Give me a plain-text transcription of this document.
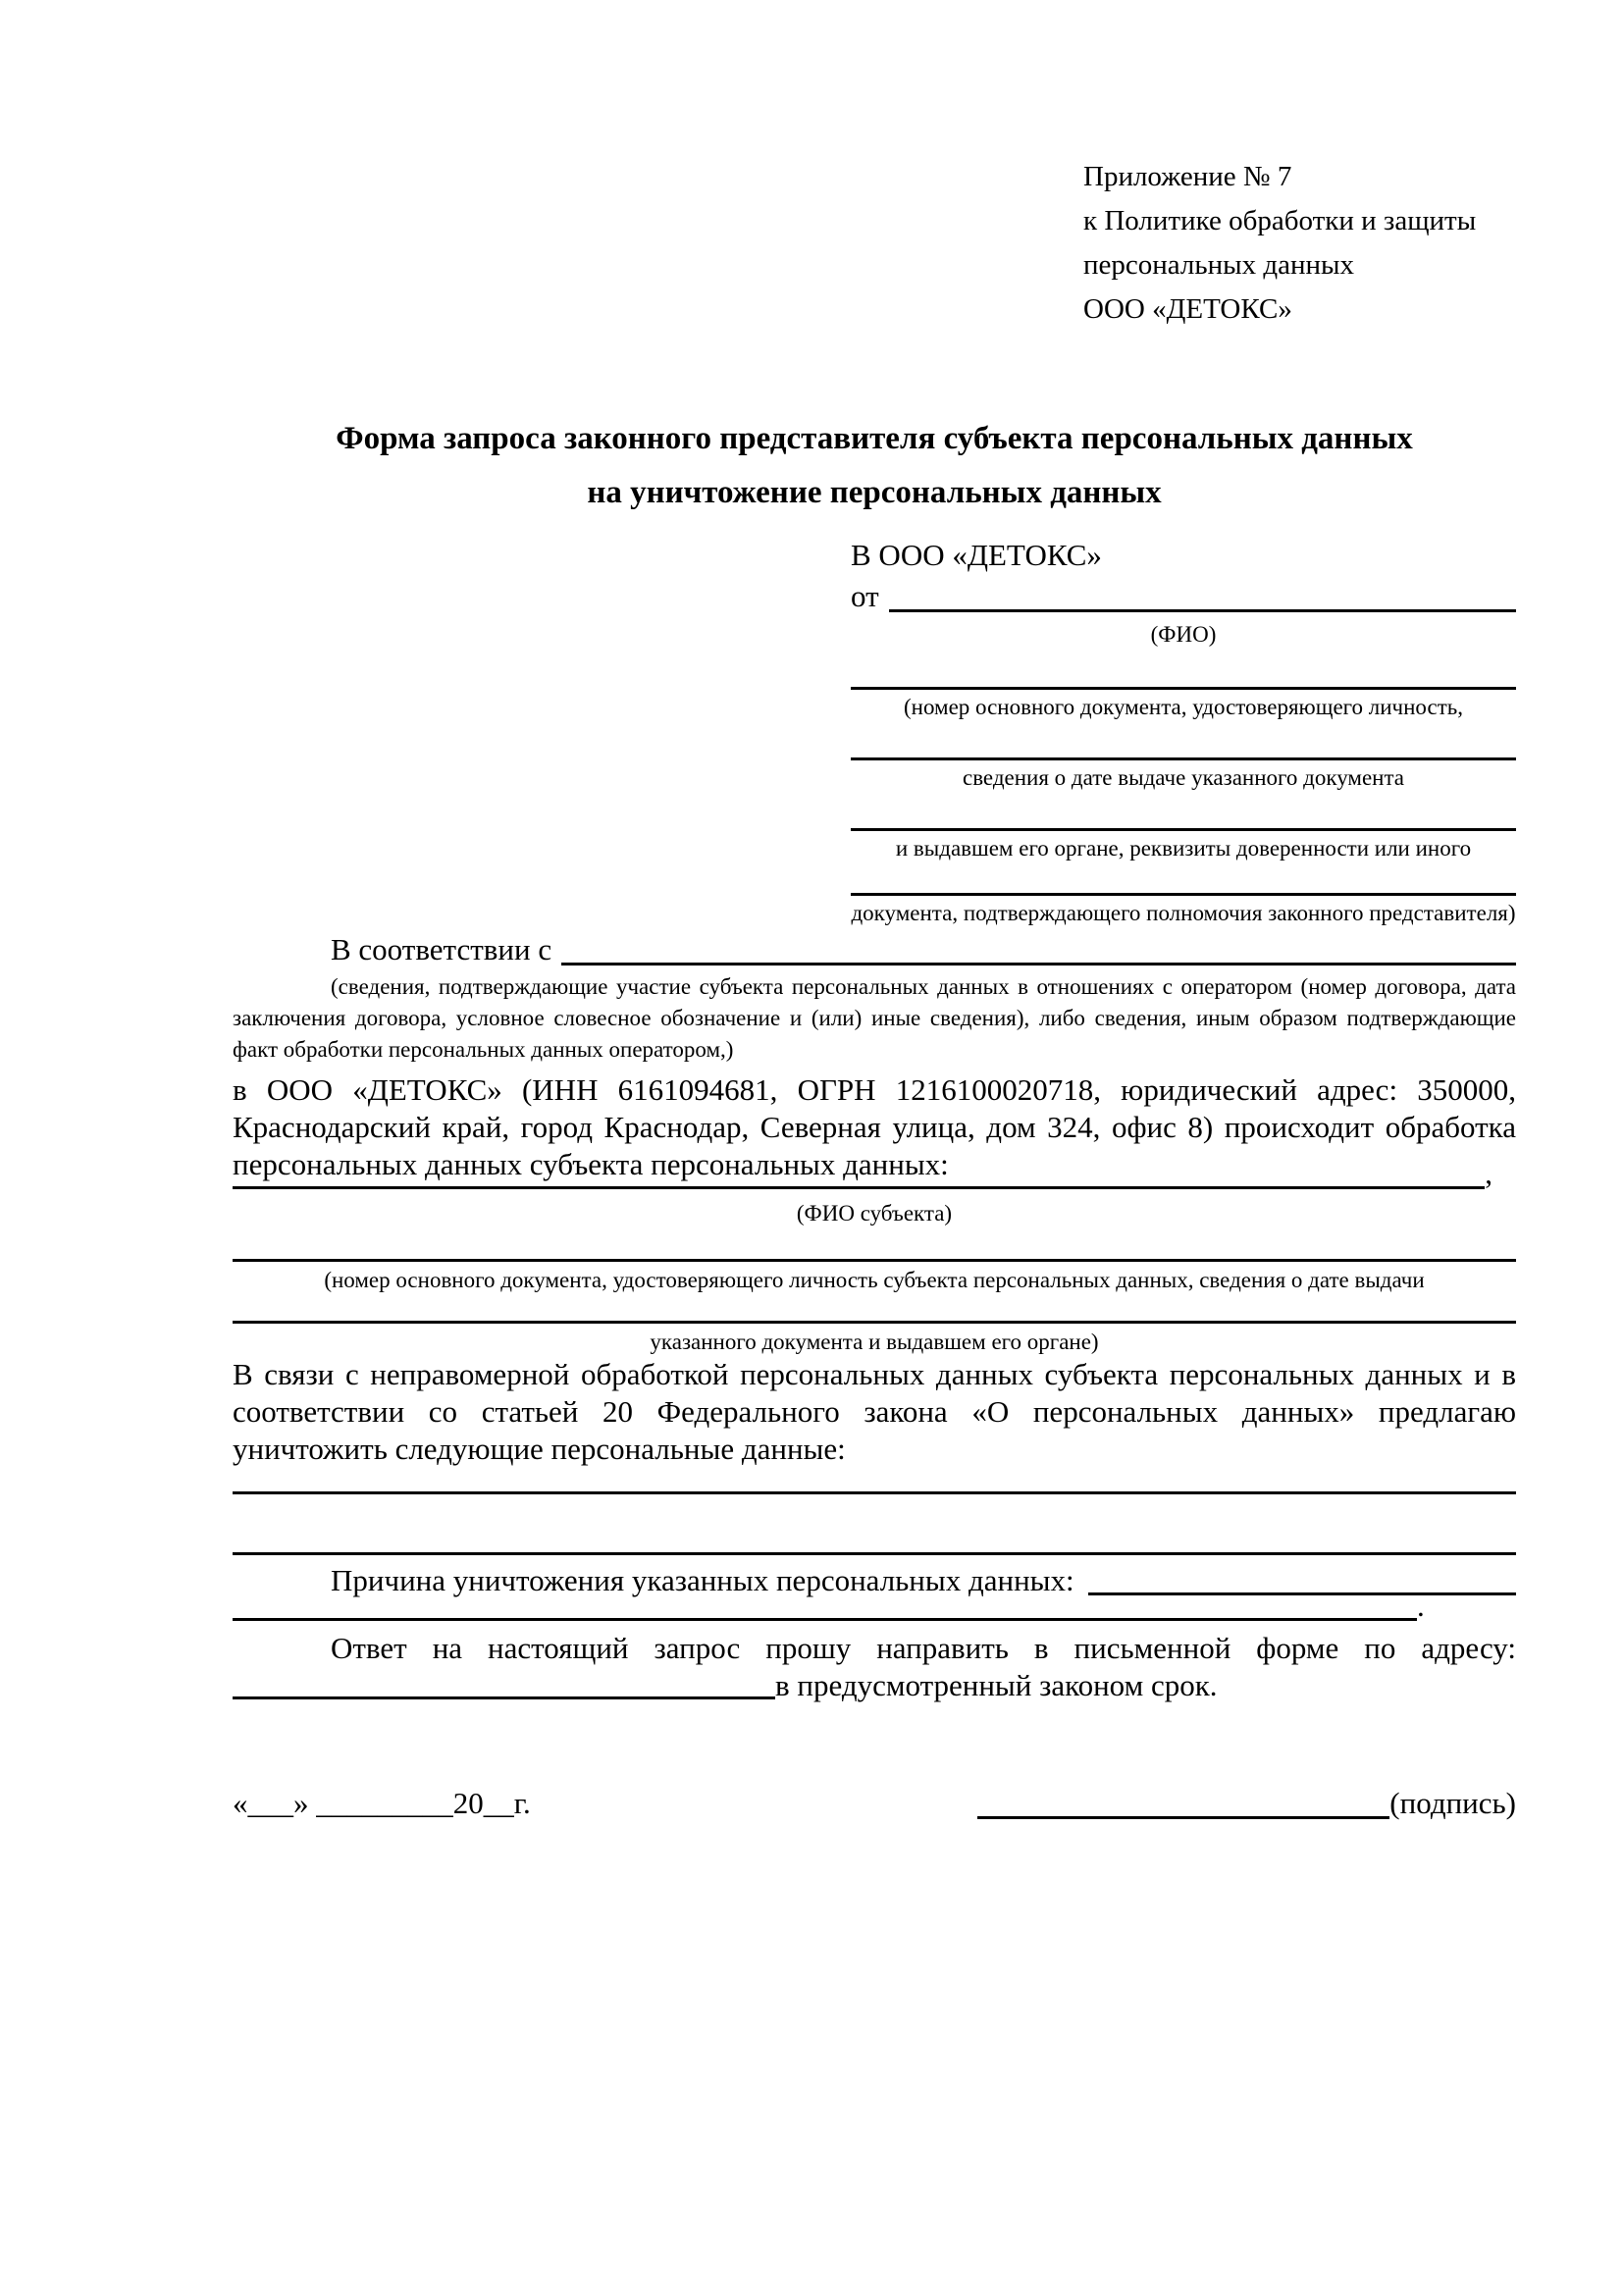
Приложение № 7
к Политике обработки и защиты
персональных данных
ООО «ДЕТОКС»
Форма запроса законного представителя субъекта персональных данных
на уничтожение персональных данных
В ООО «ДЕТОКС»
от
(ФИО)
(номер основного документа, удостоверяющего личность,
сведения о дате выдаче указанного документа
и выдавшем его органе, реквизиты доверенности или иного
документа, подтверждающего полномочия законного представителя)
В соответствии с
(сведения, подтверждающие участие субъекта персональных данных в отношениях с оператором (номер договора, дата заключения договора, условное словесное обозначение и (или) иные сведения), либо сведения, иным образом подтверждающие факт обработки персональных данных оператором,)
в ООО «ДЕТОКС» (ИНН 6161094681, ОГРН 1216100020718, юридический адрес: 350000, Краснодарский край, город Краснодар, Северная улица, дом 324, офис 8) происходит обработка персональных данных субъекта персональных данных:	,
(ФИО субъекта)
(номер основного документа, удостоверяющего личность субъекта персональных данных, сведения о дате выдачи
указанного документа и выдавшем его органе)
В связи с неправомерной обработкой персональных данных субъекта персональных данных и в соответствии со статьей 20 Федерального закона «О персональных данных» предлагаю уничтожить следующие персональные данные:
Причина уничтожения указанных персональных данных:
.
Ответ на настоящий запрос прошу направить в письменной форме по адресу:
в предусмотренный законом срок.
«___» _________20__г.	(подпись)
